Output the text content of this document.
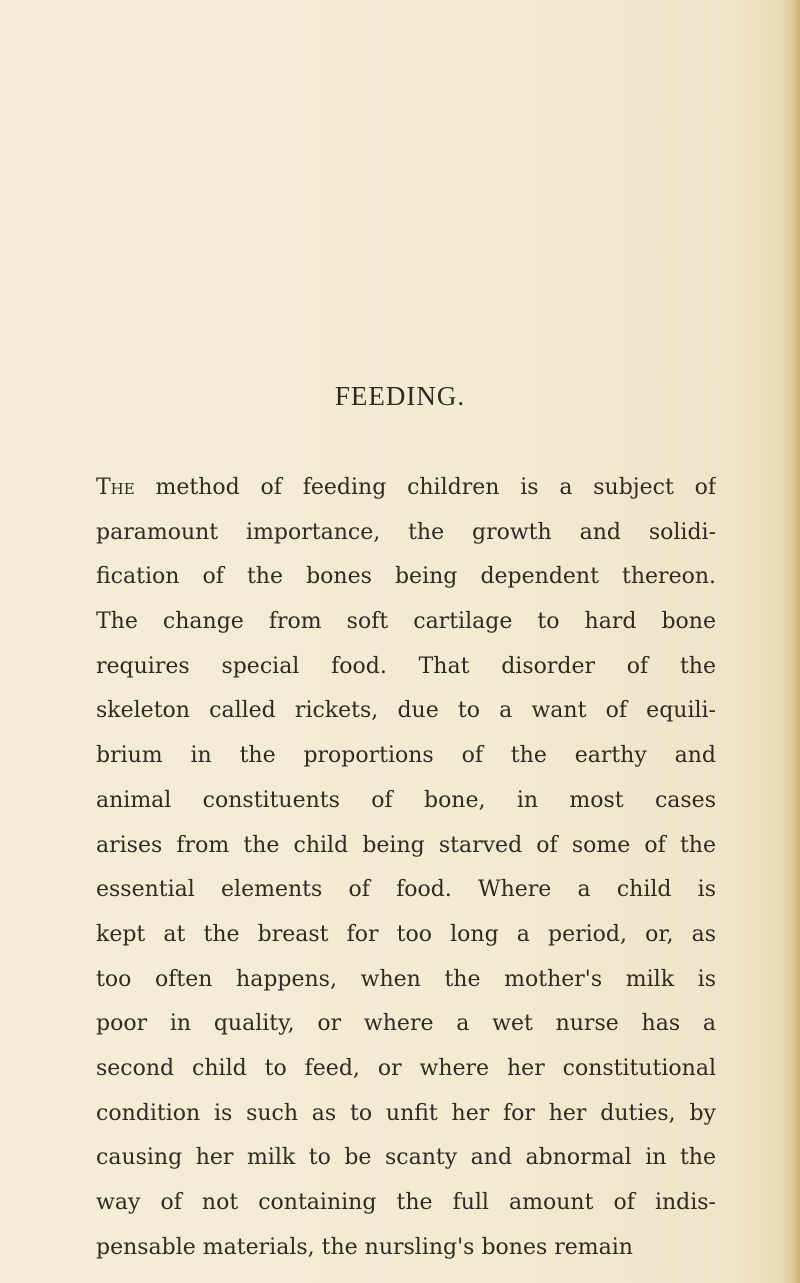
FEEDING.
The method of feeding children is a subject of
paramount importance, the growth and solidi-
fication of the bones being dependent thereon.
The change from soft cartilage to hard bone
requires special food. That disorder of the
skeleton called rickets, due to a want of equili-
brium in the proportions of the earthy and
animal constituents of bone, in most cases
arises from the child being starved of some of the
essential elements of food. Where a child is
kept at the breast for too long a period, or, as
too often happens, when the mother's milk is
poor in quality, or where a wet nurse has a
second child to feed, or where her constitutional
condition is such as to unfit her for her duties, by
causing her milk to be scanty and abnormal in the
way of not containing the full amount of indis-
pensable materials, the nursling's bones remain
